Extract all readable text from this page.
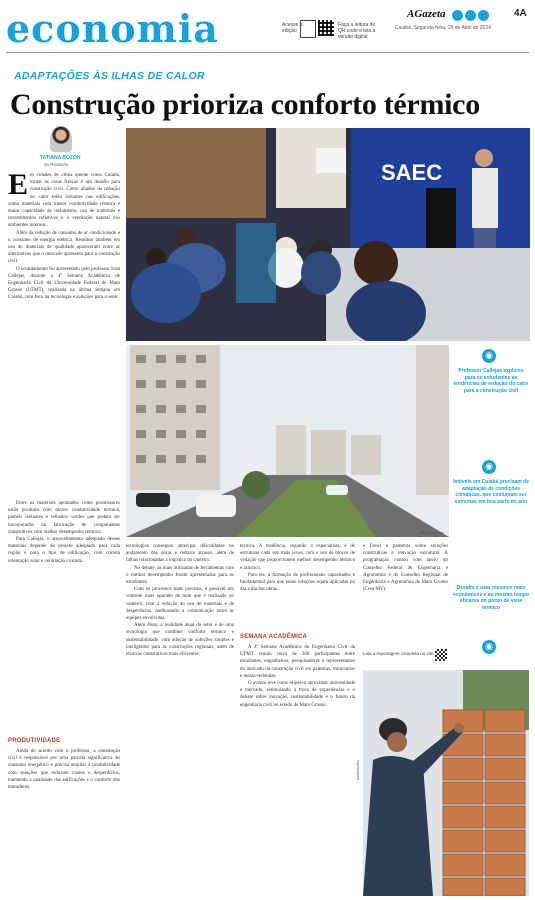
economia	Acesse a edição
Faça a leitura do QR code e leia a versão digital
AGazeta	4A
Cuiabá, Segunda-feira, 29 de Abril de 2024
ADAPTAÇÕES ÀS ILHAS DE CALOR
Construção prioriza conforto térmico
TATIANA BOZON
da Redação
E m cidades de clima quente como Cuiabá, tornar as casas frescas é um desafio para construção civil. Como aliados da redução do calor estão isolantes nas edificações, como materiais com menor condutividade térmica e maior capacidade de isolamento, uso de materiais e revestimentos refletivos e a ventilação natural nos ambientes internos.

Além da redução de consumo de ar condicionado e o consumo de energia elétrica. Resultou também em uso de materiais de qualidade apareceram entre as alternativas que o mercado apresenta para a construção civil.

O levantamento foi apresentado pelo professor Ivan Callejas, durante a 4ª Semana Acadêmica de Engenharia Civil da Universidade Federal de Mato Grosso (UFMT), realizada na última semana em Cuiabá, com foco na tecnologia e soluções para o setor.

Entre os materiais apontados como promissores estão produtos com menor condutividade térmica, painéis isolantes e telhados verdes que podem ser incorporados na fabricação de componentes construtivos com melhor desempenho térmico.

Para Callejas, o aproveitamento adequado desses materiais depende de projeto adequado para cada região e para o tipo de edificação, com correta orientação solar e ventilação cruzada.

PRODUTIVIDADE

Ainda de acordo com o professor, a construção civil é responsável por uma parcela significativa do consumo energético e precisa ampliar a produtividade com soluções que reduzam custos e desperdícios, mantendo a qualidade das edificações e o conforto dos moradores.

SAEC
Chico Ferreira
◉
Professor Callejas explicou para os estudantes as tendências de redução do calor para a construção civil
◉
Imóvels em Cuiabá precisam de adaptação de condições climáticas, que costumam ser extremas em boa parte do ano
Desafio é usar insumos mais econômicos e ao mesmo tempo eficazes do ponto de vista térmico
◉

tecnologias conseguiu antecipar dificuldades no andamento das obras e reduziu atrasos, além de falhas relacionadas à logística do canteiro.

No debate, as mais utilizadas de ferramentas com o melhor desempenho foram apresentadas para os estudantes.

Com os processos mais precisos, é possível um controle mais apurado de tudo que é realizado no canteiro, com a redução do uso de materiais e de desperdícios, melhorando a comunicação entre as equipes envolvidas.

Além disso, a realidade atual do setor é de uma tecnologia que combine conforto térmico e sustentabilidade, com adoção de soluções simples e inteligentes para as construções regionais, além de técnicas construtivas mais eficientes.

técnica. A tendência, segundo o especialista, é de estruturas cada vez mais leves, com o uso de blocos de vedação que proporcionem melhor desempenho térmico e acústico.

Para ele, a formação de profissionais capacitados é fundamental para que essas soluções sejam aplicadas no dia a dia das obras.

SEMANA ACADÊMICA

A 4ª Semana Acadêmica de Engenharia Civil da UFMT reuniu cerca de 300 participantes entre estudantes, engenheiros, pesquisadores e representantes do mercado da construção civil em palestras, minicursos e mesas-redondas.

O evento teve como objetivo aproximar universidade e mercado, estimulando a troca de experiências e o debate sobre inovação, sustentabilidade e o futuro da engenharia civil no estado de Mato Grosso.

e Dowl e palestras sobre soluções construtivas e inovação estrutural. A programação contou com apoio do Conselho Federal de Engenharia e Agronomia e do Conselho Regional de Engenharia e Agronomia de Mato Grosso (Crea-MT).

Leia a reportagem completa no site
Assessoria
